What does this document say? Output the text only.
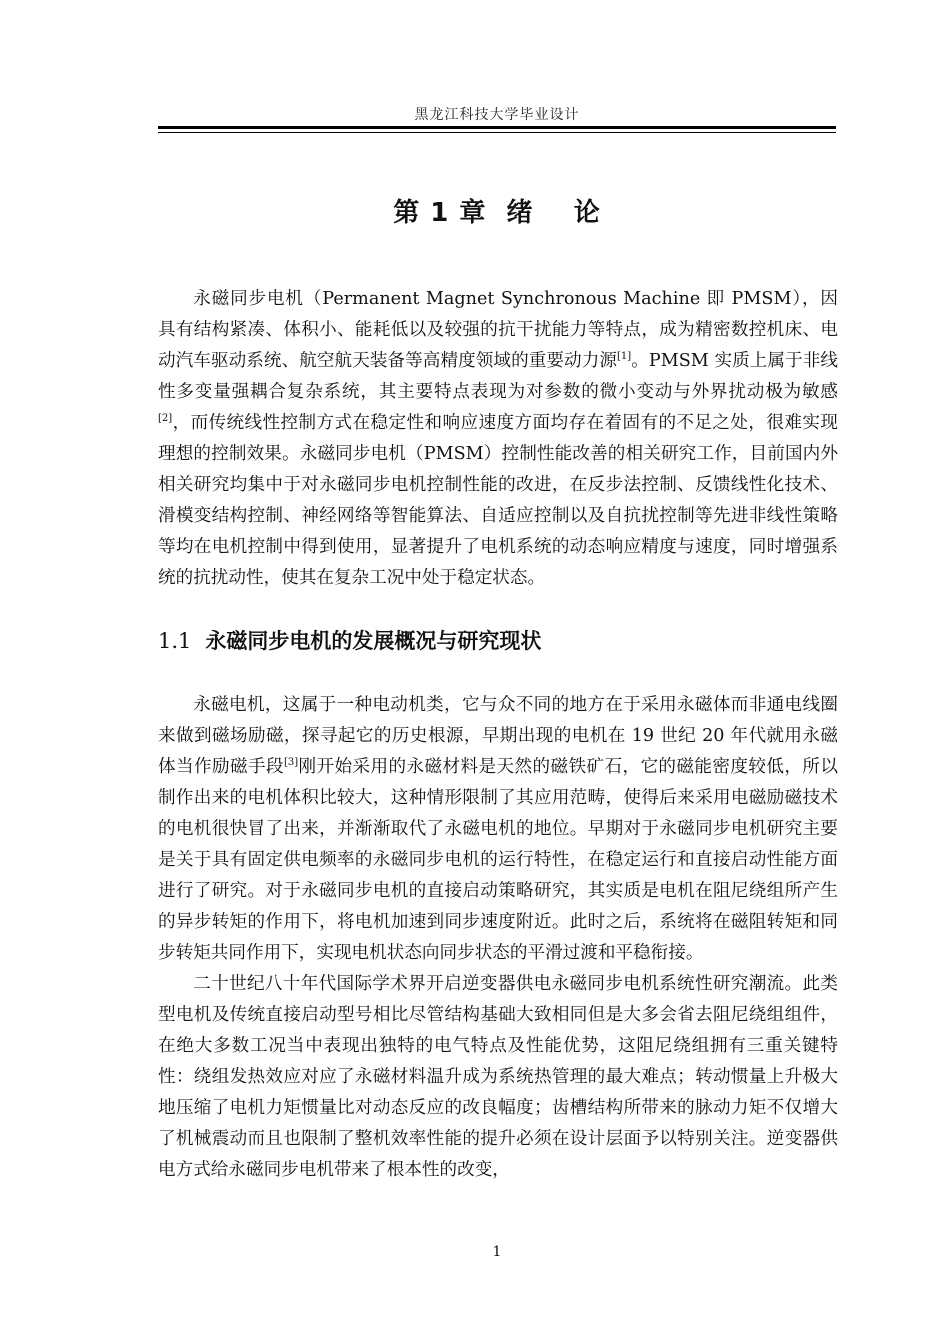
黑龙江科技大学毕业设计
第 1 章  绪    论

永磁同步电机（Permanent Magnet Synchronous Machine 即 PMSM），因具有结构紧凑、体积小、能耗低以及较强的抗干扰能力等特点，成为精密数控机床、电动汽车驱动系统、航空航天装备等高精度领域的重要动力源[1]。PMSM 实质上属于非线性多变量强耦合复杂系统，其主要特点表现为对参数的微小变动与外界扰动极为敏感[2]，而传统线性控制方式在稳定性和响应速度方面均存在着固有的不足之处，很难实现理想的控制效果。永磁同步电机（PMSM）控制性能改善的相关研究工作，目前国内外相关研究均集中于对永磁同步电机控制性能的改进，在反步法控制、反馈线性化技术、滑模变结构控制、神经网络等智能算法、自适应控制以及自抗扰控制等先进非线性策略等均在电机控制中得到使用，显著提升了电机系统的动态响应精度与速度，同时增强系统的抗扰动性，使其在复杂工况中处于稳定状态。

1.1 永磁同步电机的发展概况与研究现状

永磁电机，这属于一种电动机类，它与众不同的地方在于采用永磁体而非通电线圈来做到磁场励磁，探寻起它的历史根源，早期出现的电机在 19 世纪 20 年代就用永磁体当作励磁手段[3]刚开始采用的永磁材料是天然的磁铁矿石，它的磁能密度较低，所以制作出来的电机体积比较大，这种情形限制了其应用范畴，使得后来采用电磁励磁技术的电机很快冒了出来，并渐渐取代了永磁电机的地位。早期对于永磁同步电机研究主要是关于具有固定供电频率的永磁同步电机的运行特性，在稳定运行和直接启动性能方面进行了研究。对于永磁同步电机的直接启动策略研究，其实质是电机在阻尼绕组所产生的异步转矩的作用下，将电机加速到同步速度附近。此时之后，系统将在磁阻转矩和同步转矩共同作用下，实现电机状态向同步状态的平滑过渡和平稳衔接。

二十世纪八十年代国际学术界开启逆变器供电永磁同步电机系统性研究潮流。此类型电机及传统直接启动型号相比尽管结构基础大致相同但是大多会省去阻尼绕组组件，在绝大多数工况当中表现出独特的电气特点及性能优势，这阻尼绕组拥有三重关键特性：绕组发热效应对应了永磁材料温升成为系统热管理的最大难点；转动惯量上升极大地压缩了电机力矩惯量比对动态反应的改良幅度；齿槽结构所带来的脉动力矩不仅增大了机械震动而且也限制了整机效率性能的提升必须在设计层面予以特别关注。逆变器供电方式给永磁同步电机带来了根本性的改变，

1
